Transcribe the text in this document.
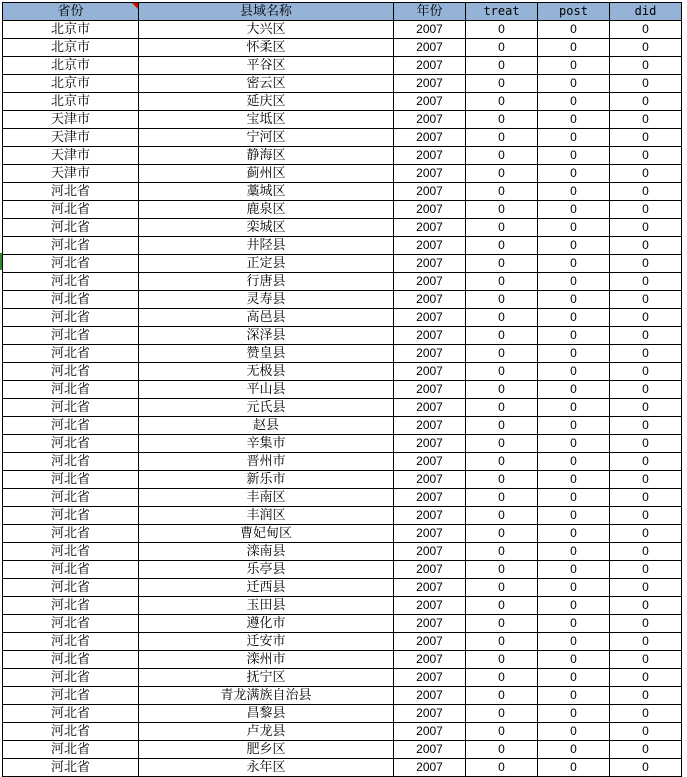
省份	县域名称	年份	treat	post	did
北京市	大兴区	2007	0	0	0
北京市	怀柔区	2007	0	0	0
北京市	平谷区	2007	0	0	0
北京市	密云区	2007	0	0	0
北京市	延庆区	2007	0	0	0
天津市	宝坻区	2007	0	0	0
天津市	宁河区	2007	0	0	0
天津市	静海区	2007	0	0	0
天津市	蓟州区	2007	0	0	0
河北省	藁城区	2007	0	0	0
河北省	鹿泉区	2007	0	0	0
河北省	栾城区	2007	0	0	0
河北省	井陉县	2007	0	0	0
河北省	正定县	2007	0	0	0
河北省	行唐县	2007	0	0	0
河北省	灵寿县	2007	0	0	0
河北省	高邑县	2007	0	0	0
河北省	深泽县	2007	0	0	0
河北省	赞皇县	2007	0	0	0
河北省	无极县	2007	0	0	0
河北省	平山县	2007	0	0	0
河北省	元氏县	2007	0	0	0
河北省	赵县	2007	0	0	0
河北省	辛集市	2007	0	0	0
河北省	晋州市	2007	0	0	0
河北省	新乐市	2007	0	0	0
河北省	丰南区	2007	0	0	0
河北省	丰润区	2007	0	0	0
河北省	曹妃甸区	2007	0	0	0
河北省	滦南县	2007	0	0	0
河北省	乐亭县	2007	0	0	0
河北省	迁西县	2007	0	0	0
河北省	玉田县	2007	0	0	0
河北省	遵化市	2007	0	0	0
河北省	迁安市	2007	0	0	0
河北省	滦州市	2007	0	0	0
河北省	抚宁区	2007	0	0	0
河北省	青龙满族自治县	2007	0	0	0
河北省	昌黎县	2007	0	0	0
河北省	卢龙县	2007	0	0	0
河北省	肥乡区	2007	0	0	0
河北省	永年区	2007	0	0	0
